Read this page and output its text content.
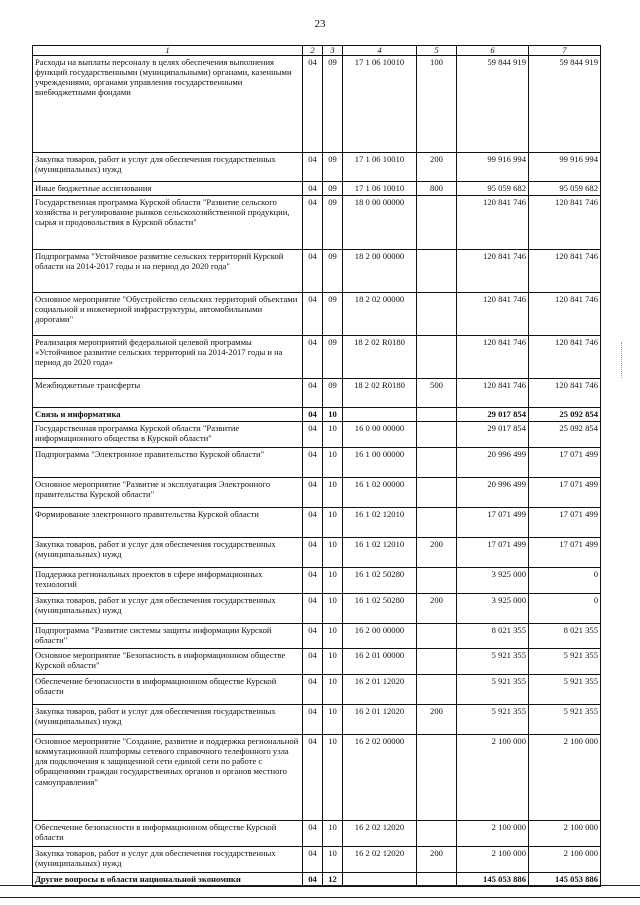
23
1	2	3	4	5	6	7
Расходы на выплаты персоналу в целях обеспечения выполнения функций государственными (муниципальными) органами, казенными учреждениями, органами управления государственными внебюджетными фондами	04	09	17 1 06 10010	100	59 844 919	59 844 919
Закупка товаров, работ и услуг для обеспечения государственных (муниципальных) нужд	04	09	17 1 06 10010	200	99 916 994	99 916 994
Иные бюджетные ассигнования	04	09	17 1 06 10010	800	95 059 682	95 059 682
Государственная программа Курской области "Развитие сельского хозяйства и регулирование рынков сельскохозяйственной продукции, сырья и продовольствия в Курской области"	04	09	18 0 00 00000		120 841 746	120 841 746
Подпрограмма "Устойчивое развитие сельских территорий Курской области на 2014-2017 годы и на период до 2020 года"	04	09	18 2 00 00000		120 841 746	120 841 746
Основное мероприятие "Обустройство сельских территорий объектами социальной и инженерной инфраструктуры, автомобильными дорогами"	04	09	18 2 02 00000		120 841 746	120 841 746
Реализация мероприятий федеральной целевой программы «Устойчивое развитие сельских территорий на 2014-2017 годы и на период до 2020 года»	04	09	18 2 02 R0180		120 841 746	120 841 746
Межбюджетные трансферты	04	09	18 2 02 R0180	500	120 841 746	120 841 746
Связь и информатика	04	10			29 017 854	25 092 854
Государственная программа Курской области "Развитие информационного общества в Курской области"	04	10	16 0 00 00000		29 017 854	25 092 854
Подпрограмма "Электронное правительство Курской области"	04	10	16 1 00 00000		20 996 499	17 071 499
Основное мероприятие "Развитие и эксплуатация Электронного правительства Курской области"	04	10	16 1 02 00000		20 996 499	17 071 499
Формирование электронного правительства Курской области	04	10	16 1 02 12010		17 071 499	17 071 499
Закупка товаров, работ и услуг для обеспечения государственных (муниципальных) нужд	04	10	16 1 02 12010	200	17 071 499	17 071 499
Поддержка региональных проектов в сфере информационных технологий	04	10	16 1 02 50280		3 925 000	0
Закупка товаров, работ и услуг для обеспечения государственных (муниципальных) нужд	04	10	16 1 02 50280	200	3 925 000	0
Подпрограмма "Развитие системы защиты информации Курской области"	04	10	16 2 00 00000		8 021 355	8 021 355
Основное мероприятие "Безопасность в информационном обществе Курской области"	04	10	16 2 01 00000		5 921 355	5 921 355
Обеспечение безопасности в информационном обществе Курской области	04	10	16 2 01 12020		5 921 355	5 921 355
Закупка товаров, работ и услуг для обеспечения государственных (муниципальных) нужд	04	10	16 2 01 12020	200	5 921 355	5 921 355
Основное мероприятие "Создание, развитие и поддержка региональной коммутационной платформы сетевого справочного телефонного узла для подключения к защищенной сети единой сети по работе с обращениями граждан государственных органов и органов местного самоуправления"	04	10	16 2 02 00000		2 100 000	2 100 000
Обеспечение безопасности в информационном обществе Курской области	04	10	16 2 02 12020		2 100 000	2 100 000
Закупка товаров, работ и услуг для обеспечения государственных (муниципальных) нужд	04	10	16 2 02 12020	200	2 100 000	2 100 000
Другие вопросы в области национальной экономики	04	12			145 053 886	145 053 886
